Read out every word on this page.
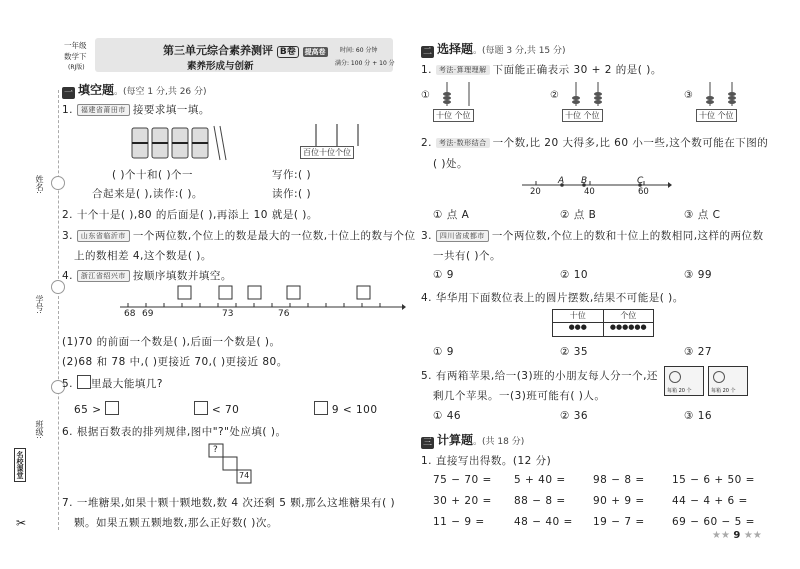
姓名:
学号:
班级:
名校课堂
✂
一年级
数学下
(RJ版)
第三单元综合素养测评 B卷 提高卷
素养形成与创新
时间: 60 分钟
满分: 100 分 + 10 分
一 填空题。(每空 1 分,共 26 分)
1. 福建省莆田市 接要求填一填。
百位十位个位
( )个十和( )个一
合起来是( ),读作:( )。
写作:( )
读作:( )
2. 十个十是( ),80 的后面是( ),再添上 10 就是( )。
3. 山东省临沂市 一个两位数,个位上的数是最大的一位数,十位上的数与个位
上的数相差 4,这个数是( )。
4. 浙江省绍兴市 按顺序填数并填空。
68 69	73	76
(1)70 的前面一个数是( ),后面一个数是( )。
(2)68 和 78 中,( )更接近 70,( )更接近 80。
5. 里最大能填几?
65 >	< 70	9 < 100
6. 根据百数表的排列规律,图中"?"处应填( )。
?
74
7. 一堆糖果,如果十颗十颗地数,数 4 次还剩 5 颗,那么这堆糖果有( )
颗。如果五颗五颗地数,那么正好数( )次。
二 选择题。(每题 3 分,共 15 分)
1. 考法·算理理解 下面能正确表示 30 + 2 的是( )。
①
十位 个位
②
十位 个位
③
十位 个位
2. 考法·数形结合 一个数,比 20 大得多,比 60 小一些,这个数可能在下图的
( )处。
A B	C
20	40	60
① 点 A	② 点 B	③ 点 C
3. 四川省成都市 一个两位数,个位上的数和十位上的数相同,这样的两位数
一共有( )个。
① 9	② 10	③ 99
4. 华华用下面数位表上的圆片摆数,结果不可能是( )。
十位	个位
●●●	●●●●●●
① 9	② 35	③ 27
5. 有两箱苹果,给一(3)班的小朋友每人分一个,还
剩几个苹果。一(3)班可能有( )人。	每箱 20 个	每箱 20 个
① 46	② 36	③ 16
三 计算题。(共 18 分)
1. 直接写出得数。(12 分)
75 − 70 = 5 + 40 =	98 − 8 =	15 − 6 + 50 =
30 + 20 = 88 − 8 =	90 + 9 =	44 − 4 + 6 =
11 − 9 =	48 − 40 = 19 − 7 =	69 − 60 − 5 =
★★ 9 ★★
